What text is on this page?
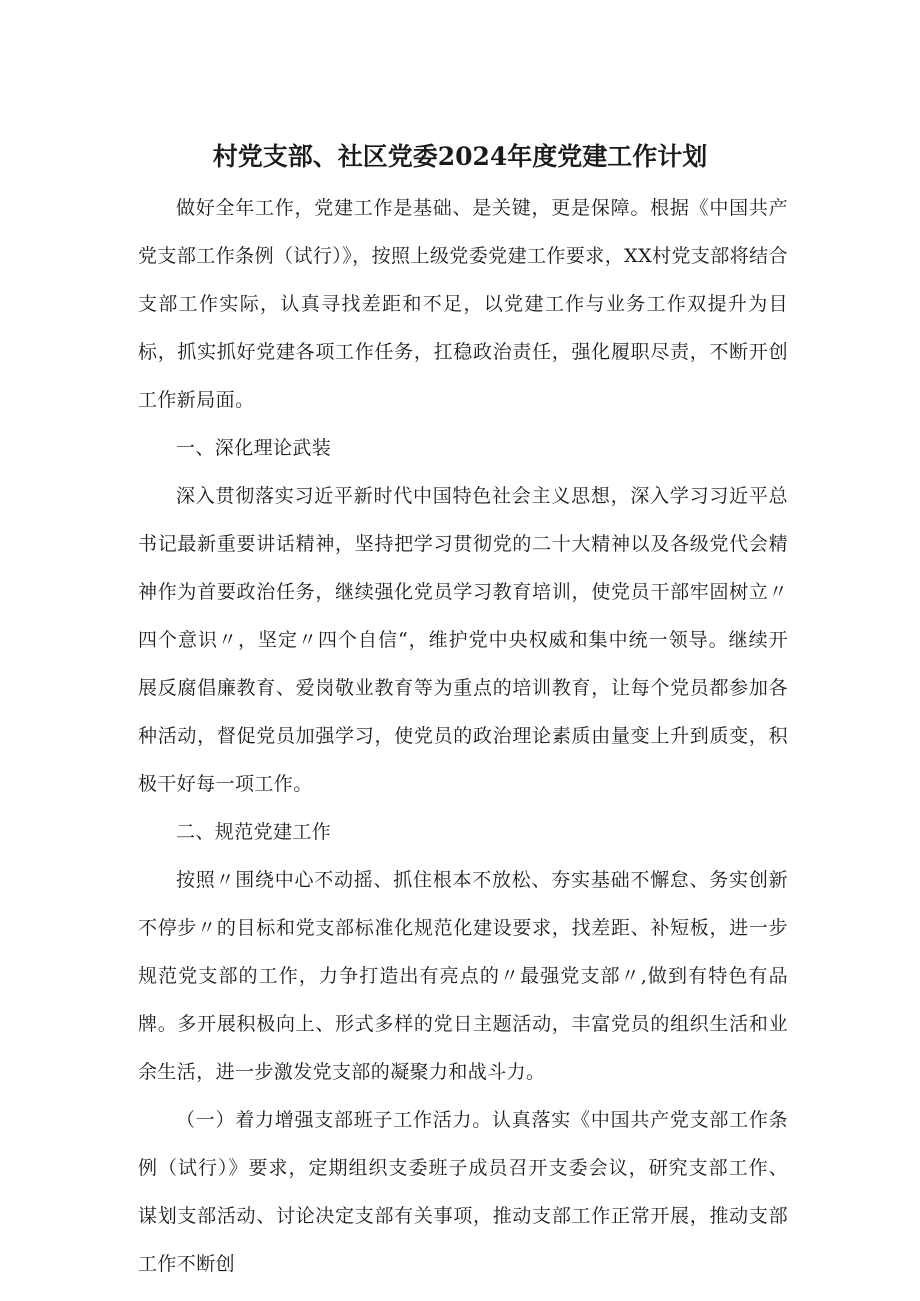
村党支部、社区党委2024年度党建工作计划

做好全年工作，党建工作是基础、是关键，更是保障。根据《中国共产党支部工作条例（试行）》，按照上级党委党建工作要求，XX村党支部将结合支部工作实际，认真寻找差距和不足，以党建工作与业务工作双提升为目标，抓实抓好党建各项工作任务，扛稳政治责任，强化履职尽责，不断开创工作新局面。

一、深化理论武装

深入贯彻落实习近平新时代中国特色社会主义思想，深入学习习近平总书记最新重要讲话精神，坚持把学习贯彻党的二十大精神以及各级党代会精神作为首要政治任务，继续强化党员学习教育培训，使党员干部牢固树立〃四个意识〃，坚定〃四个自信“，维护党中央权威和集中统一领导。继续开展反腐倡廉教育、爱岗敬业教育等为重点的培训教育，让每个党员都参加各种活动，督促党员加强学习，使党员的政治理论素质由量变上升到质变，积极干好每一项工作。

二、规范党建工作

按照〃围绕中心不动摇、抓住根本不放松、夯实基础不懈怠、务实创新不停步〃的目标和党支部标准化规范化建设要求，找差距、补短板，进一步规范党支部的工作，力争打造出有亮点的〃最强党支部〃,做到有特色有品牌。多开展积极向上、形式多样的党日主题活动，丰富党员的组织生活和业余生活，进一步激发党支部的凝聚力和战斗力。

（一）着力增强支部班子工作活力。认真落实《中国共产党支部工作条例（试行）》要求，定期组织支委班子成员召开支委会议，研究支部工作、谋划支部活动、讨论决定支部有关事项，推动支部工作正常开展，推动支部工作不断创
